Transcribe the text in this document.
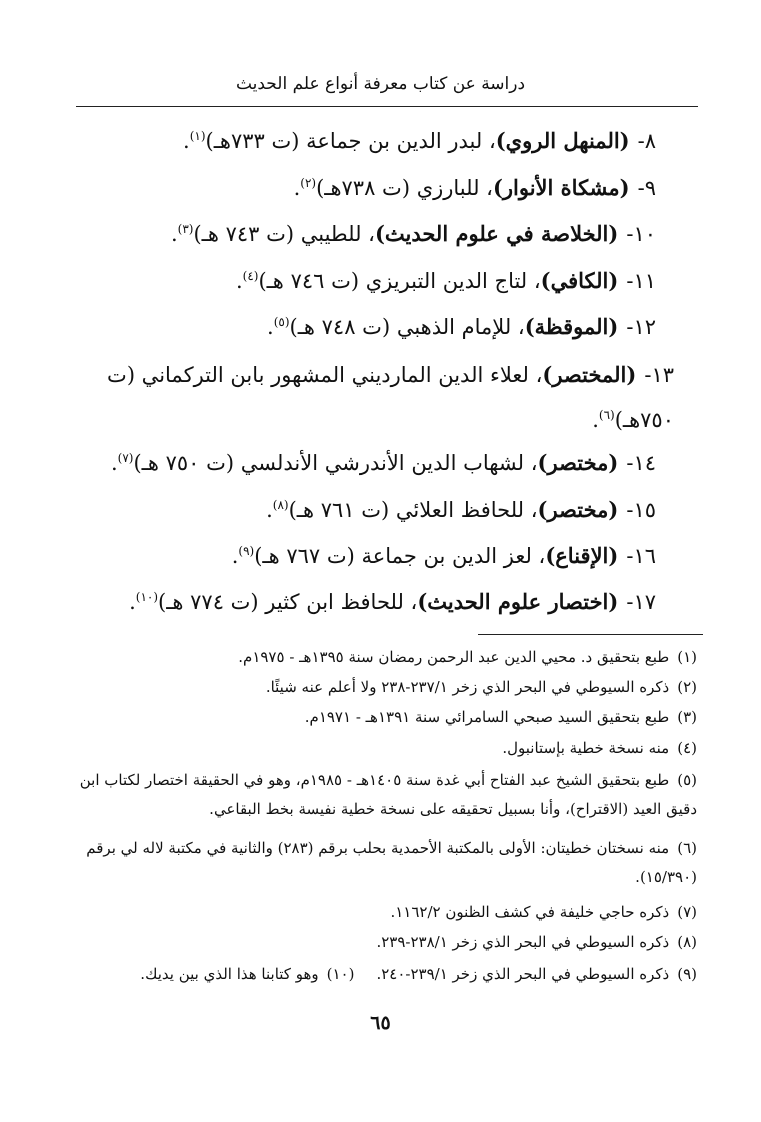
دراسة عن كتاب معرفة أنواع علم الحديث
٨-(المنهل الروي)، لبدر الدين بن جماعة (ت ٧٣٣هـ)$^{(١)}$.
٩-(مشكاة الأنوار)، للبارزي (ت ٧٣٨هـ)$^{(٢)}$.
١٠-(الخلاصة في علوم الحديث)، للطيبي (ت ٧٤٣ هـ)$^{(٣)}$.
١١-(الكافي)، لتاج الدين التبريزي (ت ٧٤٦ هـ)$^{(٤)}$.
١٢-(الموقظة)، للإمام الذهبي (ت ٧٤٨ هـ)$^{(٥)}$.
١٣-(المختصر)، لعلاء الدين المارديني المشهور بابن التركماني (ت ٧٥٠هـ)$^{(٦)}$.
١٤-(مختصر)، لشهاب الدين الأندرشي الأندلسي (ت ٧٥٠ هـ)$^{(٧)}$.
١٥-(مختصر)، للحافظ العلائي (ت ٧٦١ هـ)$^{(٨)}$.
١٦-(الإقناع)، لعز الدين بن جماعة (ت ٧٦٧ هـ)$^{(٩)}$.
١٧-(اختصار علوم الحديث)، للحافظ ابن كثير (ت ٧٧٤ هـ)$^{(١٠)}$.
(١)طبع بتحقيق د. محيي الدين عبد الرحمن رمضان سنة ١٣٩٥هـ - ١٩٧٥م.
(٢)ذكره السيوطي في البحر الذي زخر ٢٣٧/١-٢٣٨ ولا أعلم عنه شيئًا.
(٣)طبع بتحقيق السيد صبحي السامرائي سنة ١٣٩١هـ - ١٩٧١م.
(٤)منه نسخة خطية بإستانبول.
(٥)طبع بتحقيق الشيخ عبد الفتاح أبي غدة سنة ١٤٠٥هـ - ١٩٨٥م، وهو في الحقيقة اختصار لكتاب ابن دقيق العيد (الاقتراح)، وأنا بسبيل تحقيقه على نسخة خطية نفيسة بخط البقاعي.
(٦)منه نسختان خطيتان: الأولى بالمكتبة الأحمدية بحلب برقم (٢٨٣) والثانية في مكتبة لاله لي برقم (١٥/٣٩٠).
(٧)ذكره حاجي خليفة في كشف الظنون ١١٦٢/٢.
(٨)ذكره السيوطي في البحر الذي زخر ٢٣٨/١-٢٣٩.
(٩)ذكره السيوطي في البحر الذي زخر ٢٣٩/١-٢٤٠.(١٠)وهو كتابنا هذا الذي بين يديك.
٦٥
